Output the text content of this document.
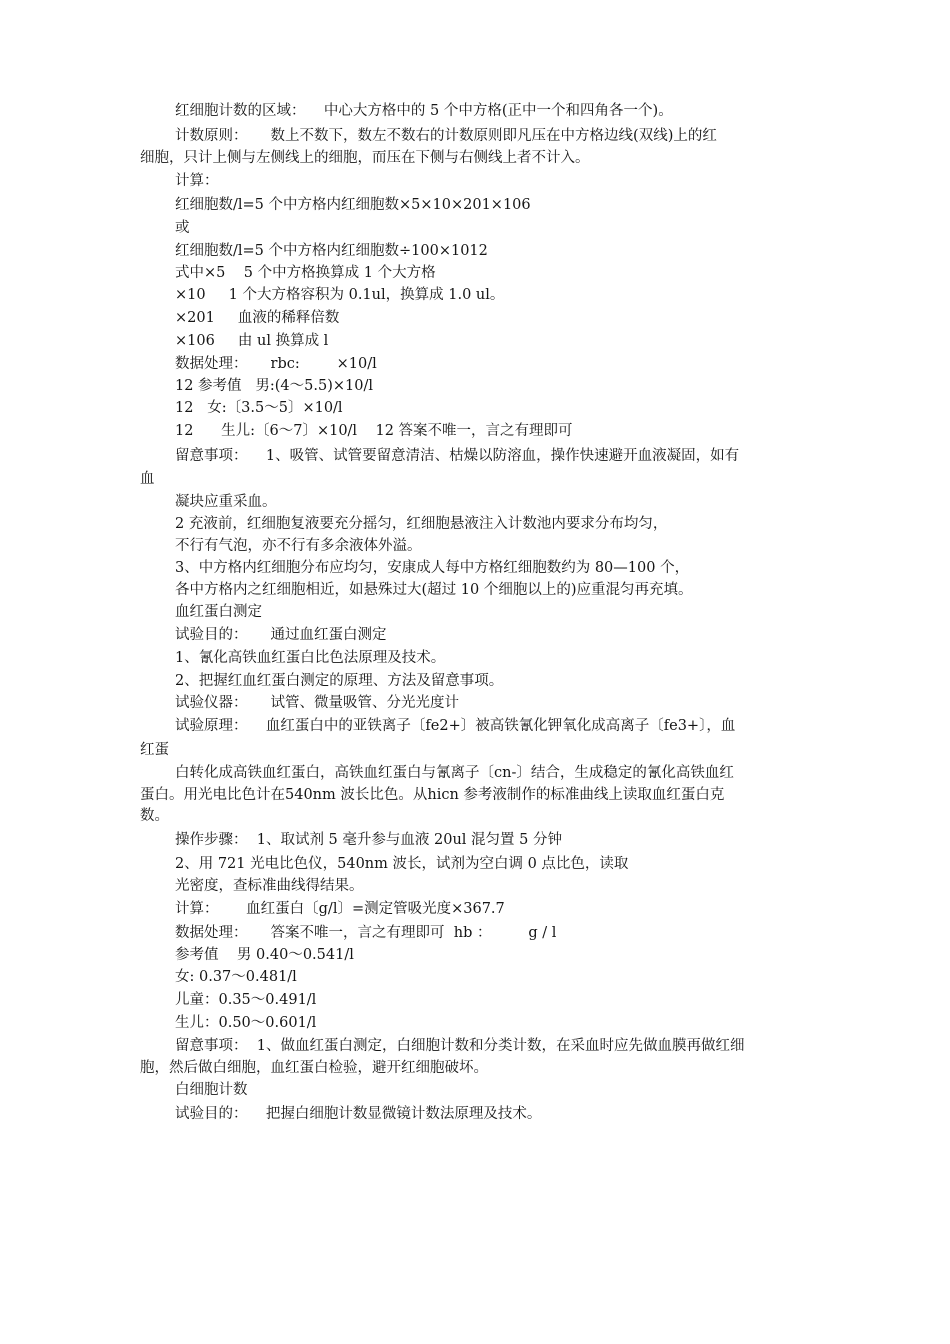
红细胞计数的区域：    中心大方格中的 5 个中方格(正中一个和四角各一个)。
计数原则：     数上不数下，数左不数右的计数原则即凡压在中方格边线(双线)上的红
细胞，只计上侧与左侧线上的细胞，而压在下侧与右侧线上者不计入。
计算：
红细胞数/l=5 个中方格内红细胞数×5×10×201×106
或
红细胞数/l=5 个中方格内红细胞数÷100×1012
式中×5    5 个中方格换算成 1 个大方格
×10     1 个大方格容积为 0.1ul，换算成 1.0 ul。
×201     血液的稀释倍数
×106     由 ul 换算成 l
数据处理：     rbc:        ×10/l
12 参考值   男:(4～5.5)×10/l
12   女:〔3.5～5〕×10/l
12      生儿:〔6～7〕×10/l    12 答案不唯一，言之有理即可
留意事项：    1、吸管、试管要留意清洁、枯燥以防溶血，操作快速避开血液凝固，如有
血
凝块应重采血。
2 充液前，红细胞复液要充分摇匀，红细胞悬液注入计数池内要求分布均匀，
不行有气泡，亦不行有多余液体外溢。
3、中方格内红细胞分布应均匀，安康成人每中方格红细胞数约为 80—100 个，
各中方格内之红细胞相近，如悬殊过大(超过 10 个细胞以上的)应重混匀再充填。
血红蛋白测定
试验目的：     通过血红蛋白测定
1、氰化高铁血红蛋白比色法原理及技术。
2、把握红血红蛋白测定的原理、方法及留意事项。
试验仪器：     试管、微量吸管、分光光度计
试验原理：    血红蛋白中的亚铁离子〔fe2+〕被高铁氰化钾氧化成高离子〔fe3+〕，血
红蛋
白转化成高铁血红蛋白，高铁血红蛋白与氰离子〔cn-〕结合，生成稳定的氰化高铁血红
蛋白。用光电比色计在540nm 波长比色。从hicn 参考液制作的标准曲线上读取血红蛋白克
数。
操作步骤：  1、取试剂 5 毫升参与血液 20ul 混匀置 5 分钟
2、用 721 光电比色仪，540nm 波长，试剂为空白调 0 点比色，读取
光密度，查标准曲线得结果。
计算：      血红蛋白〔g/l〕=测定管吸光度×367.7
数据处理：     答案不唯一，言之有理即可  hb ：        g / l
参考值    男 0.40～0.541/l
女: 0.37～0.481/l
儿童：0.35～0.491/l
生儿：0.50～0.601/l
留意事项：  1、做血红蛋白测定，白细胞计数和分类计数，在采血时应先做血膜再做红细
胞，然后做白细胞，血红蛋白检验，避开红细胞破坏。
白细胞计数
试验目的：    把握白细胞计数显微镜计数法原理及技术。
